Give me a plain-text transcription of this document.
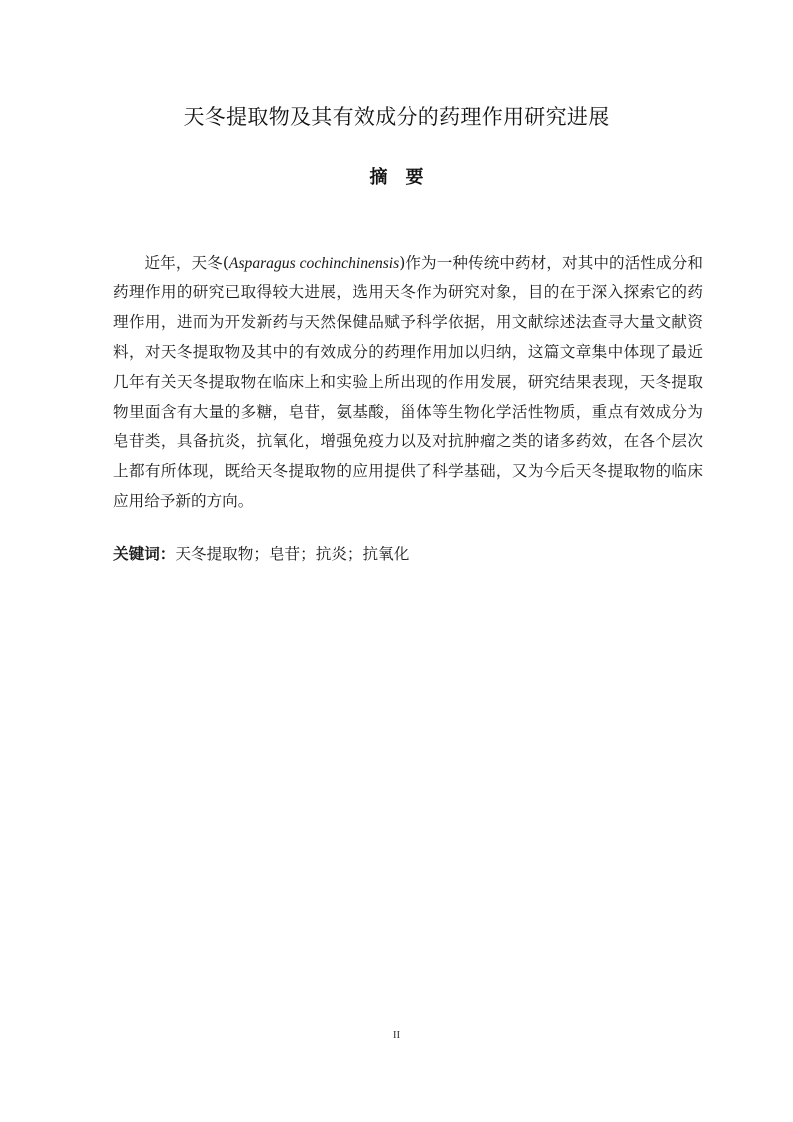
天冬提取物及其有效成分的药理作用研究进展
摘 要

近年，天冬(Asparagus cochinchinensis)作为一种传统中药材，对其中的活性成分和药理作用的研究已取得较大进展，选用天冬作为研究对象，目的在于深入探索它的药理作用，进而为开发新药与天然保健品赋予科学依据，用文献综述法查寻大量文献资料，对天冬提取物及其中的有效成分的药理作用加以归纳，这篇文章集中体现了最近几年有关天冬提取物在临床上和实验上所出现的作用发展，研究结果表现，天冬提取物里面含有大量的多糖，皂苷，氨基酸，甾体等生物化学活性物质，重点有效成分为皂苷类，具备抗炎，抗氧化，增强免疫力以及对抗肿瘤之类的诸多药效，在各个层次上都有所体现，既给天冬提取物的应用提供了科学基础，又为今后天冬提取物的临床应用给予新的方向。

关键词：天冬提取物；皂苷；抗炎；抗氧化
II
